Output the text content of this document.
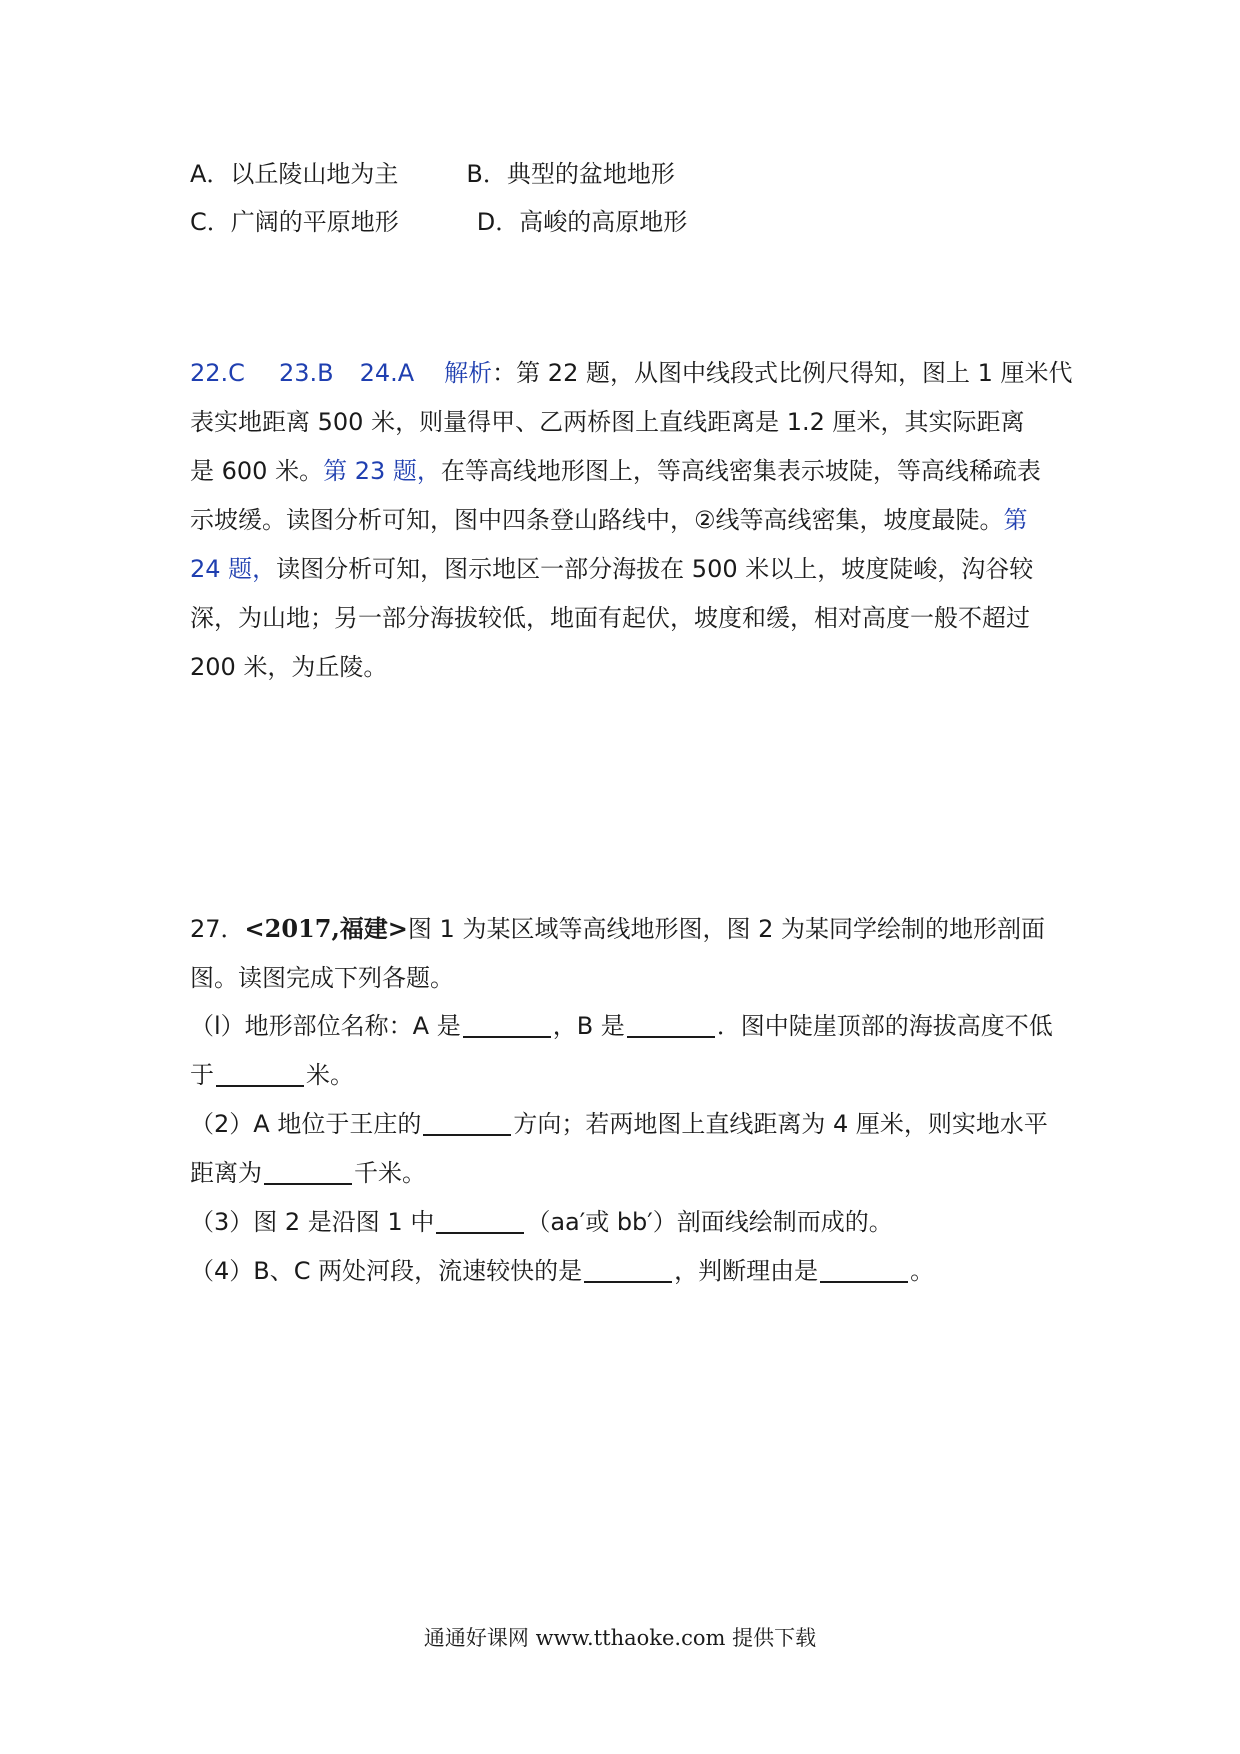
A．以丘陵山地为主	B．典型的盆地地形
C．广阔的平原地形	D．高峻的高原地形
22.C 23.B 24.A 解析：第 22 题，从图中线段式比例尺得知，图上 1 厘米代
表实地距离 500 米，则量得甲、乙两桥图上直线距离是 1.2 厘米，其实际距离
是 600 米。第 23 题，在等高线地形图上，等高线密集表示坡陡，等高线稀疏表
示坡缓。读图分析可知，图中四条登山路线中，②线等高线密集，坡度最陡。第
24 题，读图分析可知，图示地区一部分海拔在 500 米以上，坡度陡峻，沟谷较
深，为山地；另一部分海拔较低，地面有起伏，坡度和缓，相对高度一般不超过
200 米，为丘陵。
27．<2017,福建>图 1 为某区域等高线地形图，图 2 为某同学绘制的地形剖面
图。读图完成下列各题。
（l）地形部位名称：A 是	，B 是	．图中陡崖顶部的海拔高度不低
于	米。
（2）A 地位于王庄的	方向；若两地图上直线距离为 4 厘米，则实地水平
距离为	千米。
（3）图 2 是沿图 1 中	（aa′或 bb′）剖面线绘制而成的。
（4）B、C 两处河段，流速较快的是	，判断理由是	。
通通好课网 www.tthaoke.com 提供下载
